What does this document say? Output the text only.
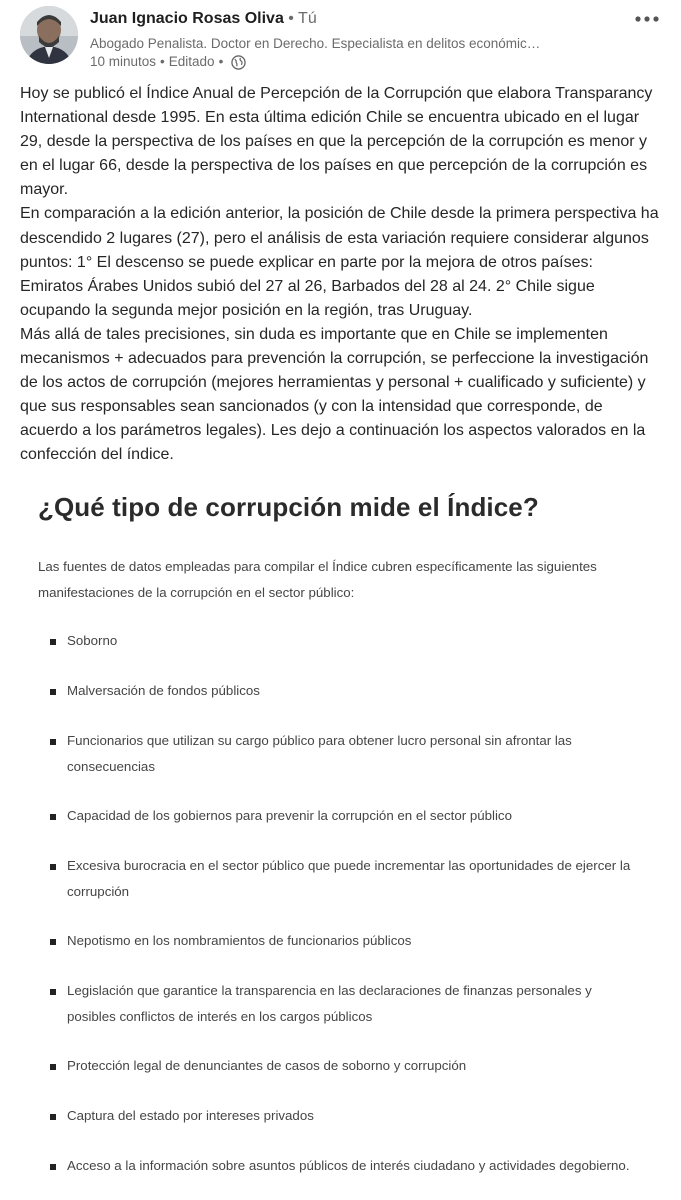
Juan Ignacio Rosas Oliva • Tú
Abogado Penalista. Doctor en Derecho. Especialista en delitos económic…
10 minutos • Editado •

Hoy se publicó el Índice Anual de Percepción de la Corrupción que elabora Transparancy International desde 1995. En esta última edición Chile se encuentra ubicado en el lugar 29, desde la perspectiva de los países en que la percepción de la corrupción es menor y en el lugar 66, desde la perspectiva de los países en que percepción de la corrupción es mayor.

En comparación a la edición anterior, la posición de Chile desde la primera perspectiva ha descendido 2 lugares (27), pero el análisis de esta variación requiere considerar algunos puntos: 1° El descenso se puede explicar en parte por la mejora de otros países: Emiratos Árabes Unidos subió del 27 al 26, Barbados del 28 al 24. 2° Chile sigue ocupando la segunda mejor posición en la región, tras Uruguay.

Más allá de tales precisiones, sin duda es importante que en Chile se implementen mecanismos + adecuados para prevención la corrupción, se perfeccione la investigación de los actos de corrupción (mejores herramientas y personal + cualificado y suficiente) y que sus responsables sean sancionados (y con la intensidad que corresponde, de acuerdo a los parámetros legales). Les dejo a continuación los aspectos valorados en la confección del índice.

¿Qué tipo de corrupción mide el Índice?
Las fuentes de datos empleadas para compilar el Índice cubren específicamente las siguientes manifestaciones de la corrupción en el sector público:
Soborno
Malversación de fondos públicos
Funcionarios que utilizan su cargo público para obtener lucro personal sin afrontar las consecuencias
Capacidad de los gobiernos para prevenir la corrupción en el sector público
Excesiva burocracia en el sector público que puede incrementar las oportunidades de ejercer la corrupción
Nepotismo en los nombramientos de funcionarios públicos
Legislación que garantice la transparencia en las declaraciones de finanzas personales y posibles conflictos de interés en los cargos públicos
Protección legal de denunciantes de casos de soborno y corrupción
Captura del estado por intereses privados
Acceso a la información sobre asuntos públicos de interés ciudadano y actividades degobierno.
